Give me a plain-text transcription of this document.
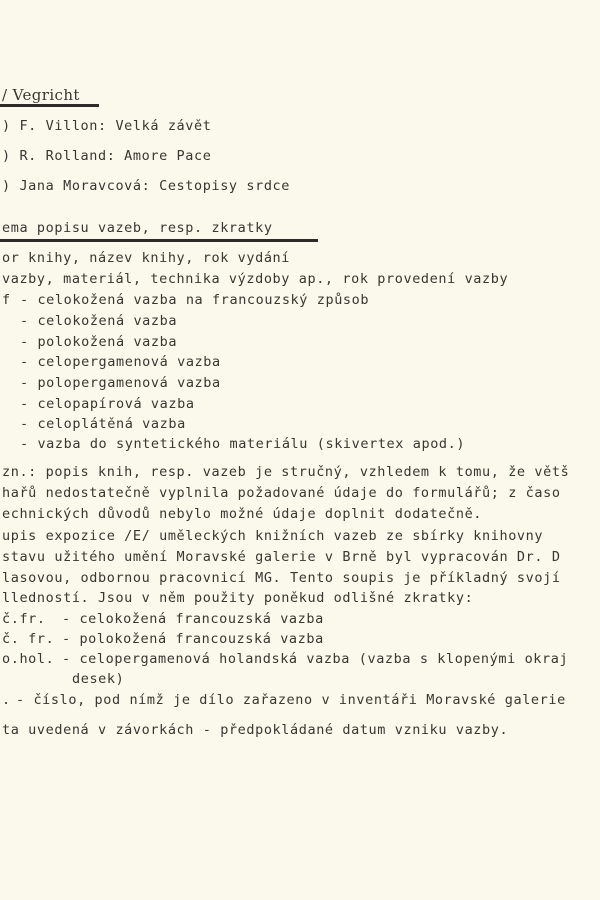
/ Vegricht
) F. Villon: Velká závět
) R. Rolland: Amore Pace
) Jana Moravcová: Cestopisy srdce
ema popisu vazeb, resp. zkratky
or knihy, název knihy, rok vydání
vazby, materiál, technika výzdoby ap., rok provedení vazby
f - celokožená vazba na francouzský způsob
- celokožená vazba
- polokožená vazba
- celopergamenová vazba
- polopergamenová vazba
- celopapírová vazba
- celoplátěná vazba
- vazba do syntetického materiálu (skivertex apod.)
zn.: popis knih, resp. vazeb je stručný, vzhledem k tomu, že větš
hařů nedostatečně vyplnila požadované údaje do formulářů; z časo
echnických důvodů nebylo možné údaje doplnit dodatečně.
upis expozice /E/ uměleckých knižních vazeb ze sbírky knihovny
stavu užitého umění Moravské galerie v Brně byl vypracován Dr. D
lasovou, odbornou pracovnicí MG. Tento soupis je příkladný svojí
lledností. Jsou v něm použity poněkud odlišné zkratky:
č.fr. - celokožená francouzská vazba
č. fr. - polokožená francouzská vazba
o.hol. - celopergamenová holandská vazba (vazba s klopenými okraj
desek)
. - číslo, pod nímž je dílo zařazeno v inventáři Moravské galerie
ta uvedená v závorkách - předpokládané datum vzniku vazby.
